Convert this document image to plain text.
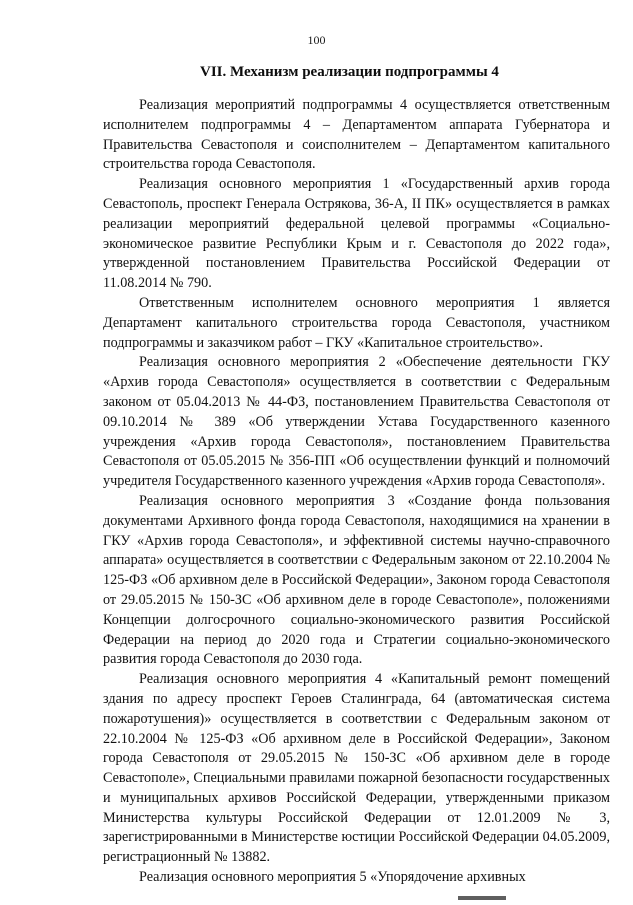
100
VII. Механизм реализации подпрограммы 4

Реализация мероприятий подпрограммы 4 осуществляется ответственным исполнителем подпрограммы 4 – Департаментом аппарата Губернатора и Правительства Севастополя и соисполнителем – Департаментом капитального строительства города Севастополя.

Реализация основного мероприятия 1 «Государственный архив города Севастополь, проспект Генерала Острякова, 36-А, II ПК» осуществляется в рамках реализации мероприятий федеральной целевой программы «Социально-экономическое развитие Республики Крым и г. Севастополя до 2022 года», утвержденной постановлением Правительства Российской Федерации от 11.08.2014 № 790.

Ответственным исполнителем основного мероприятия 1 является Департамент капитального строительства города Севастополя, участником подпрограммы и заказчиком работ – ГКУ «Капитальное строительство».

Реализация основного мероприятия 2 «Обеспечение деятельности ГКУ «Архив города Севастополя» осуществляется в соответствии с Федеральным законом от 05.04.2013 № 44-ФЗ, постановлением Правительства Севастополя от 09.10.2014 № 389 «Об утверждении Устава Государственного казенного учреждения «Архив города Севастополя», постановлением Правительства Севастополя от 05.05.2015 № 356-ПП «Об осуществлении функций и полномочий учредителя Государственного казенного учреждения «Архив города Севастополя».

Реализация основного мероприятия 3 «Создание фонда пользования документами Архивного фонда города Севастополя, находящимися на хранении в ГКУ «Архив города Севастополя», и эффективной системы научно-справочного аппарата» осуществляется в соответствии с Федеральным законом от 22.10.2004 № 125-ФЗ «Об архивном деле в Российской Федерации», Законом города Севастополя от 29.05.2015 № 150-ЗС «Об архивном деле в городе Севастополе», положениями Концепции долгосрочного социально-экономического развития Российской Федерации на период до 2020 года и Стратегии социально-экономического развития города Севастополя до 2030 года.

Реализация основного мероприятия 4 «Капитальный ремонт помещений здания по адресу проспект Героев Сталинграда, 64 (автоматическая система пожаротушения)» осуществляется в соответствии с Федеральным законом от 22.10.2004 № 125-ФЗ «Об архивном деле в Российской Федерации», Законом города Севастополя от 29.05.2015 № 150-ЗС «Об архивном деле в городе Севастополе», Специальными правилами пожарной безопасности государственных и муниципальных архивов Российской Федерации, утвержденными приказом Министерства культуры Российской Федерации от 12.01.2009 № 3, зарегистрированными в Министерстве юстиции Российской Федерации 04.05.2009, регистрационный № 13882.

Реализация основного мероприятия 5 «Упорядочение архивных
